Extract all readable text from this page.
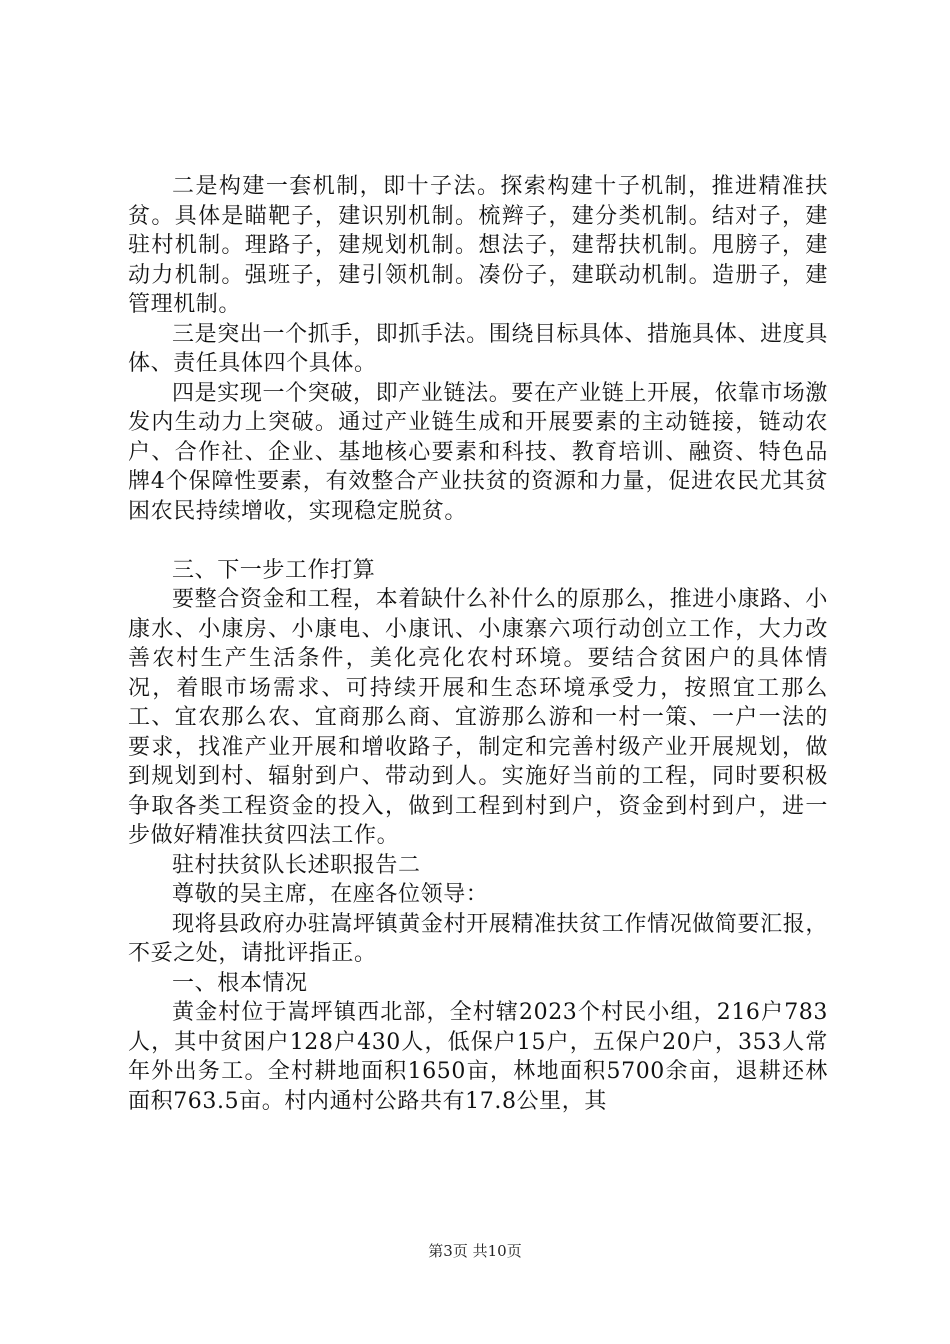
二是构建一套机制，即十子法。探索构建十子机制，推进精准扶贫。具体是瞄靶子，建识别机制。梳辫子，建分类机制。结对子，建驻村机制。理路子，建规划机制。想法子，建帮扶机制。甩膀子，建动力机制。强班子，建引领机制。凑份子，建联动机制。造册子，建管理机制。

三是突出一个抓手，即抓手法。围绕目标具体、措施具体、进度具体、责任具体四个具体。

四是实现一个突破，即产业链法。要在产业链上开展，依靠市场激发内生动力上突破。通过产业链生成和开展要素的主动链接，链动农户、合作社、企业、基地核心要素和科技、教育培训、融资、特色品牌4个保障性要素，有效整合产业扶贫的资源和力量，促进农民尤其贫困农民持续增收，实现稳定脱贫。

三、下一步工作打算

要整合资金和工程，本着缺什么补什么的原那么，推进小康路、小康水、小康房、小康电、小康讯、小康寨六项行动创立工作，大力改善农村生产生活条件，美化亮化农村环境。要结合贫困户的具体情况，着眼市场需求、可持续开展和生态环境承受力，按照宜工那么工、宜农那么农、宜商那么商、宜游那么游和一村一策、一户一法的要求，找准产业开展和增收路子，制定和完善村级产业开展规划，做到规划到村、辐射到户、带动到人。实施好当前的工程，同时要积极争取各类工程资金的投入，做到工程到村到户，资金到村到户，进一步做好精准扶贫四法工作。

驻村扶贫队长述职报告二

尊敬的吴主席，在座各位领导：

现将县政府办驻嵩坪镇黄金村开展精准扶贫工作情况做简要汇报，不妥之处，请批评指正。

一、根本情况

黄金村位于嵩坪镇西北部，全村辖2023个村民小组，216户783人，其中贫困户128户430人，低保户15户，五保户20户，353人常年外出务工。全村耕地面积1650亩，林地面积5700余亩，退耕还林面积763.5亩。村内通村公路共有17.8公里，其

第3页 共10页
